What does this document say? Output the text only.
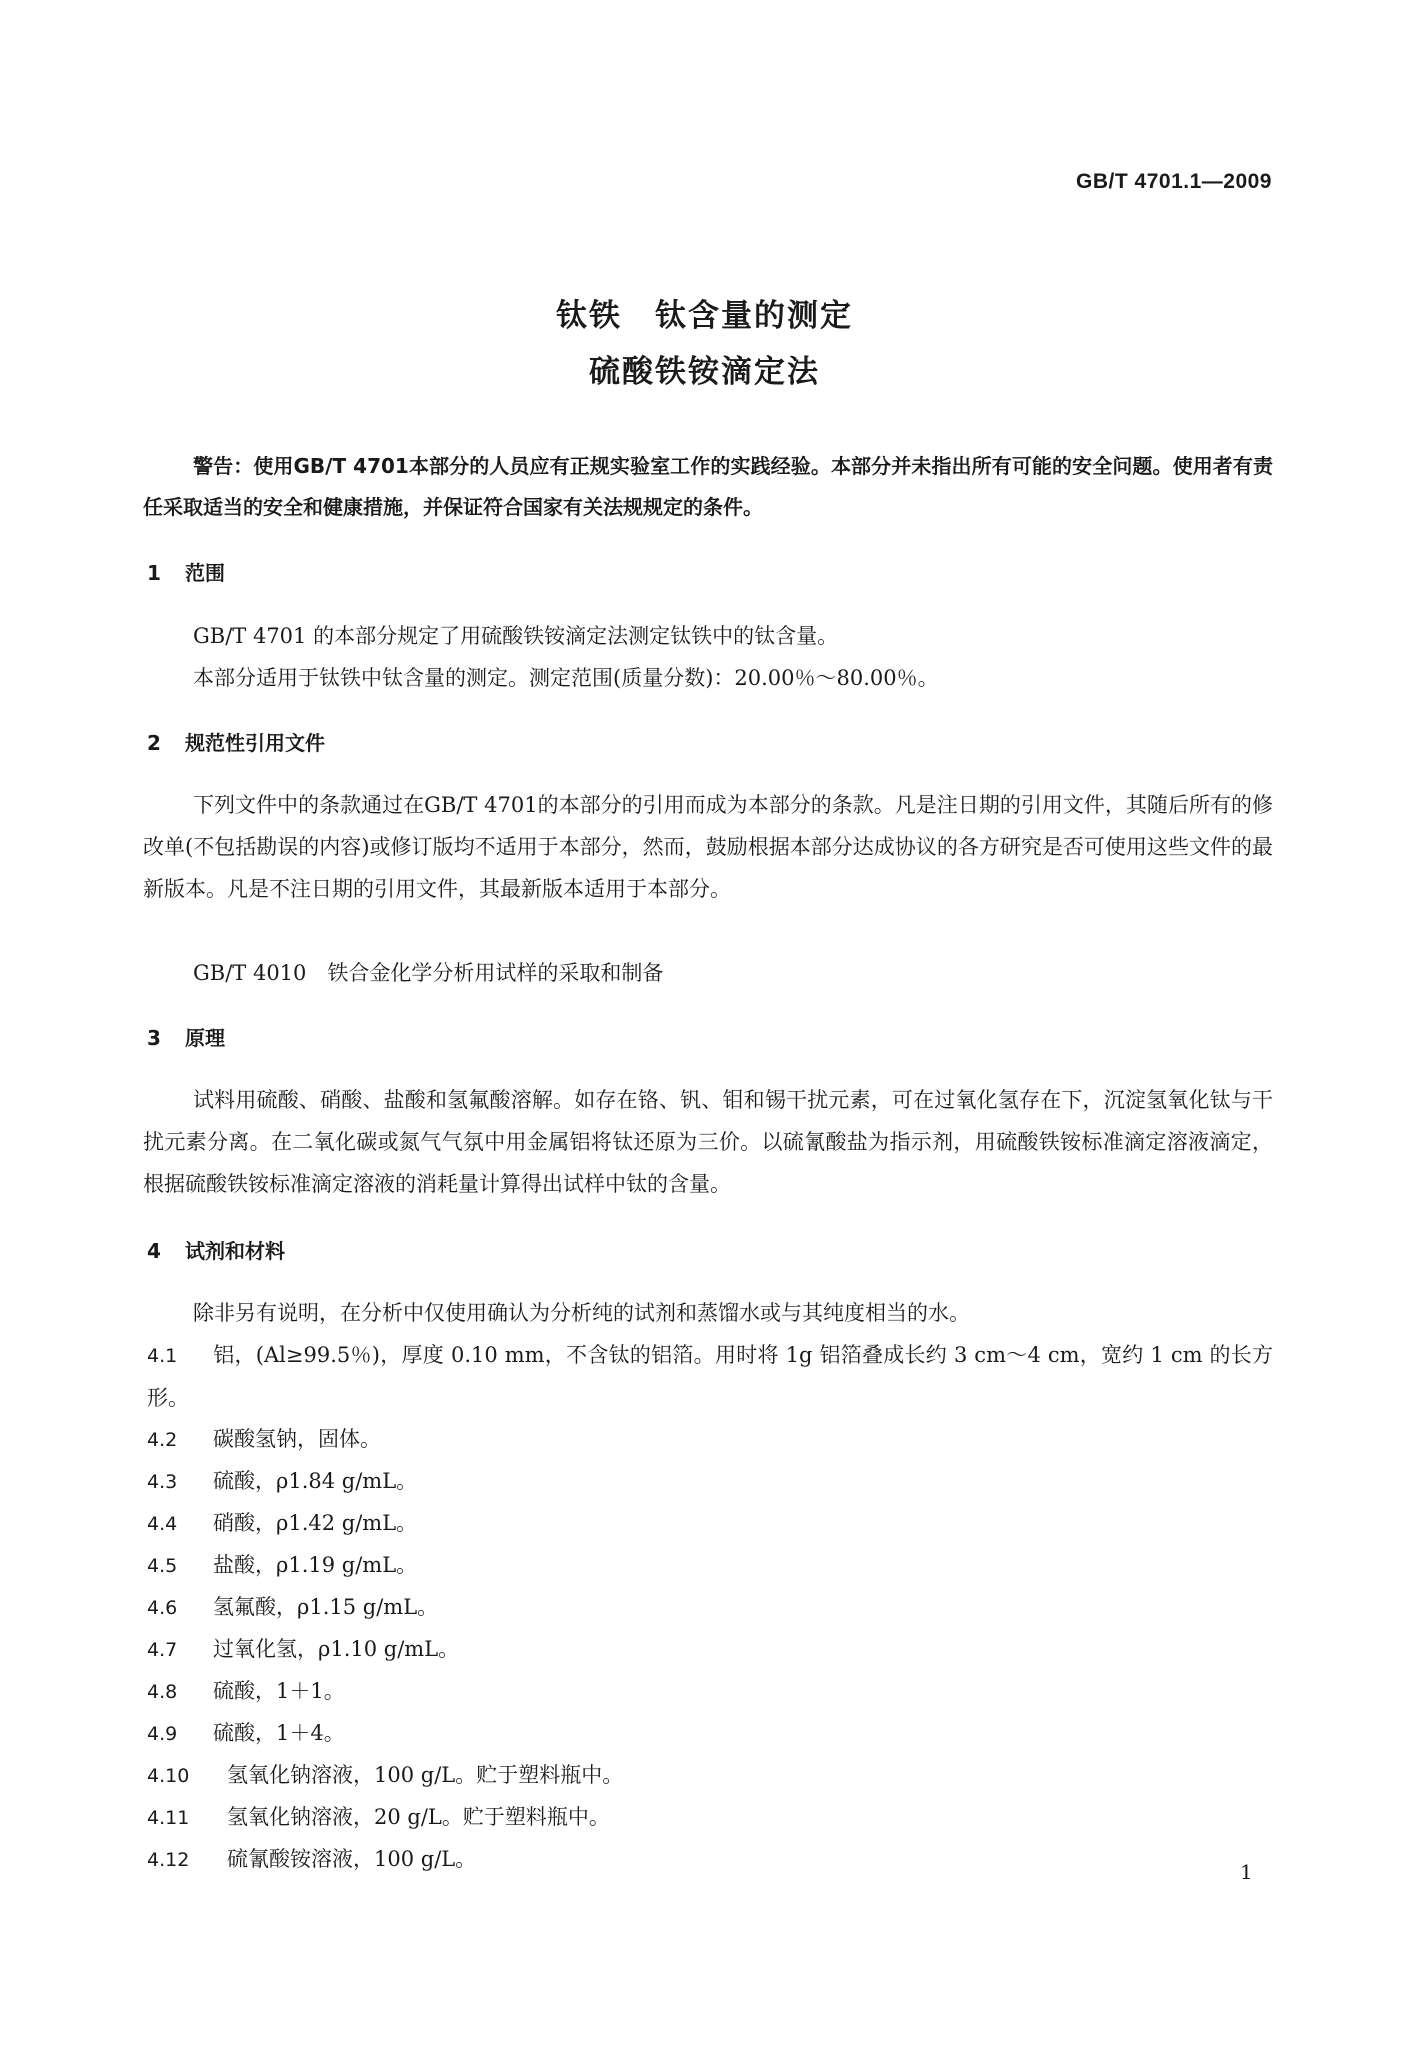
GB/T 4701.1—2009
钛铁　钛含量的测定
硫酸铁铵滴定法
警告：使用GB/T 4701本部分的人员应有正规实验室工作的实践经验。本部分并未指出所有可能的安全问题。使用者有责任采取适当的安全和健康措施，并保证符合国家有关法规规定的条件。
1 范围
GB/T 4701 的本部分规定了用硫酸铁铵滴定法测定钛铁中的钛含量。
本部分适用于钛铁中钛含量的测定。测定范围(质量分数)：20.00％～80.00％。
2 规范性引用文件
下列文件中的条款通过在GB/T 4701的本部分的引用而成为本部分的条款。凡是注日期的引用文件，其随后所有的修改单(不包括勘误的内容)或修订版均不适用于本部分，然而，鼓励根据本部分达成协议的各方研究是否可使用这些文件的最新版本。凡是不注日期的引用文件，其最新版本适用于本部分。
GB/T 4010　铁合金化学分析用试样的采取和制备
3 原理
试料用硫酸、硝酸、盐酸和氢氟酸溶解。如存在铬、钒、钼和锡干扰元素，可在过氧化氢存在下，沉淀氢氧化钛与干扰元素分离。在二氧化碳或氮气气氛中用金属铝将钛还原为三价。以硫氰酸盐为指示剂，用硫酸铁铵标准滴定溶液滴定，根据硫酸铁铵标准滴定溶液的消耗量计算得出试样中钛的含量。
4 试剂和材料
除非另有说明，在分析中仅使用确认为分析纯的试剂和蒸馏水或与其纯度相当的水。
4.1 铝，(Al≥99.5％)，厚度 0.10 mm，不含钛的铝箔。用时将 1g 铝箔叠成长约 3 cm～4 cm，宽约 1 cm 的长方形。
4.2 碳酸氢钠，固体。
4.3 硫酸，ρ1.84 g/mL。
4.4 硝酸，ρ1.42 g/mL。
4.5 盐酸，ρ1.19 g/mL。
4.6 氢氟酸，ρ1.15 g/mL。
4.7 过氧化氢，ρ1.10 g/mL。
4.8 硫酸，1＋1。
4.9 硫酸，1＋4。
4.10 氢氧化钠溶液，100 g/L。贮于塑料瓶中。
4.11 氢氧化钠溶液，20 g/L。贮于塑料瓶中。
4.12 硫氰酸铵溶液，100 g/L。
1
